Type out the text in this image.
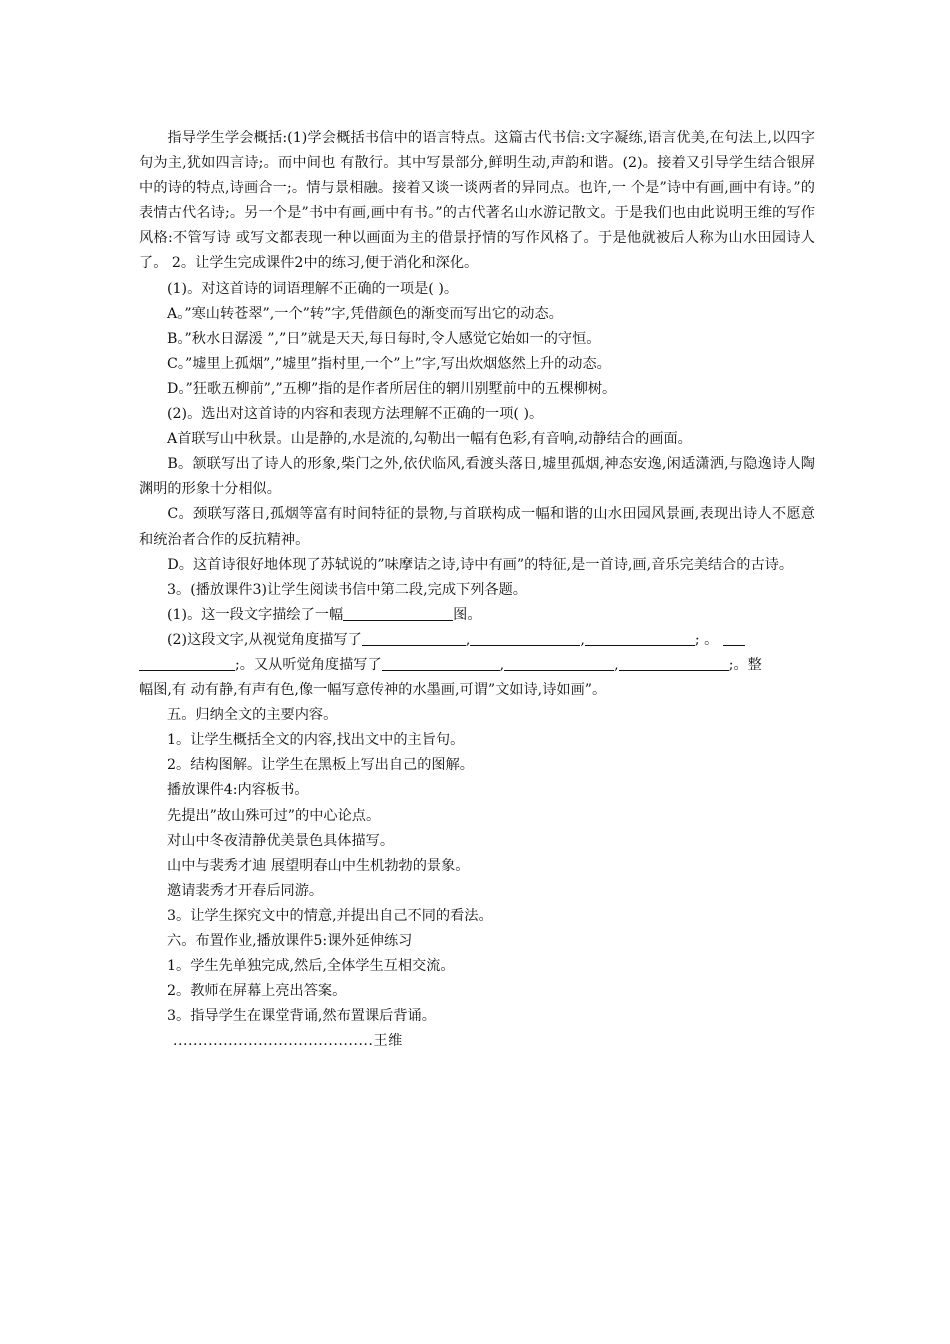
指导学生学会概括:(1)学会概括书信中的语言特点。这篇古代书信:文字凝练,语言优美,在句法上,以四字句为主,犹如四言诗;。而中间也 有散行。其中写景部分,鲜明生动,声韵和谐。(2)。接着又引导学生结合银屏中的诗的特点,诗画合一;。情与景相融。接着又谈一谈两者的异同点。也许,一 个是”诗中有画,画中有诗。”的表情古代名诗;。另一个是”书中有画,画中有书。”的古代著名山水游记散文。于是我们也由此说明王维的写作风格:不管写诗 或写文都表现一种以画面为主的借景抒情的写作风格了。于是他就被后人称为山水田园诗人了。 2。让学生完成课件2中的练习,便于消化和深化。

(1)。对这首诗的词语理解不正确的一项是( )。

A。”寒山转苍翠”,一个”转”字,凭借颜色的渐变而写出它的动态。

B。”秋水日潺湲 ”,”日”就是天天,每日每时,令人感觉它始如一的守恒。

C。”墟里上孤烟”,”墟里”指村里,一个”上”字,写出炊烟悠然上升的动态。

D。”狂歌五柳前”,”五柳”指的是作者所居住的辋川别墅前中的五棵柳树。

(2)。选出对这首诗的内容和表现方法理解不正确的一项( )。

A首联写山中秋景。山是静的,水是流的,勾勒出一幅有色彩,有音响,动静结合的画面。

B。颔联写出了诗人的形象,柴门之外,依伏临风,看渡头落日,墟里孤烟,神态安逸,闲适潇洒,与隐逸诗人陶渊明的形象十分相似。

C。颈联写落日,孤烟等富有时间特征的景物,与首联构成一幅和谐的山水田园风景画,表现出诗人不愿意和统治者合作的反抗精神。

D。这首诗很好地体现了苏轼说的”味摩诘之诗,诗中有画”的特征,是一首诗,画,音乐完美结合的古诗。

3。(播放课件3)让学生阅读书信中第二段,完成下列各题。

(1)。这一段文字描绘了一幅	图。

(2)这段文字,从视觉角度描写了	,	,	; 。

;。又从听觉角度描写了	,	,	;。整

幅图,有 动有静,有声有色,像一幅写意传神的水墨画,可谓”文如诗,诗如画”。

五。归纳全文的主要内容。

1。让学生概括全文的内容,找出文中的主旨句。

2。结构图解。让学生在黑板上写出自己的图解。

播放课件4:内容板书。

先提出”故山殊可过”的中心论点。

对山中冬夜清静优美景色具体描写。

山中与裴秀才迪 展望明春山中生机勃勃的景象。

邀请裴秀才开春后同游。

3。让学生探究文中的情意,并提出自己不同的看法。

六。布置作业,播放课件5:课外延伸练习

1。学生先单独完成,然后,全体学生互相交流。

2。教师在屏幕上亮出答案。

3。指导学生在课堂背诵,然布置课后背诵。

........................................王维
